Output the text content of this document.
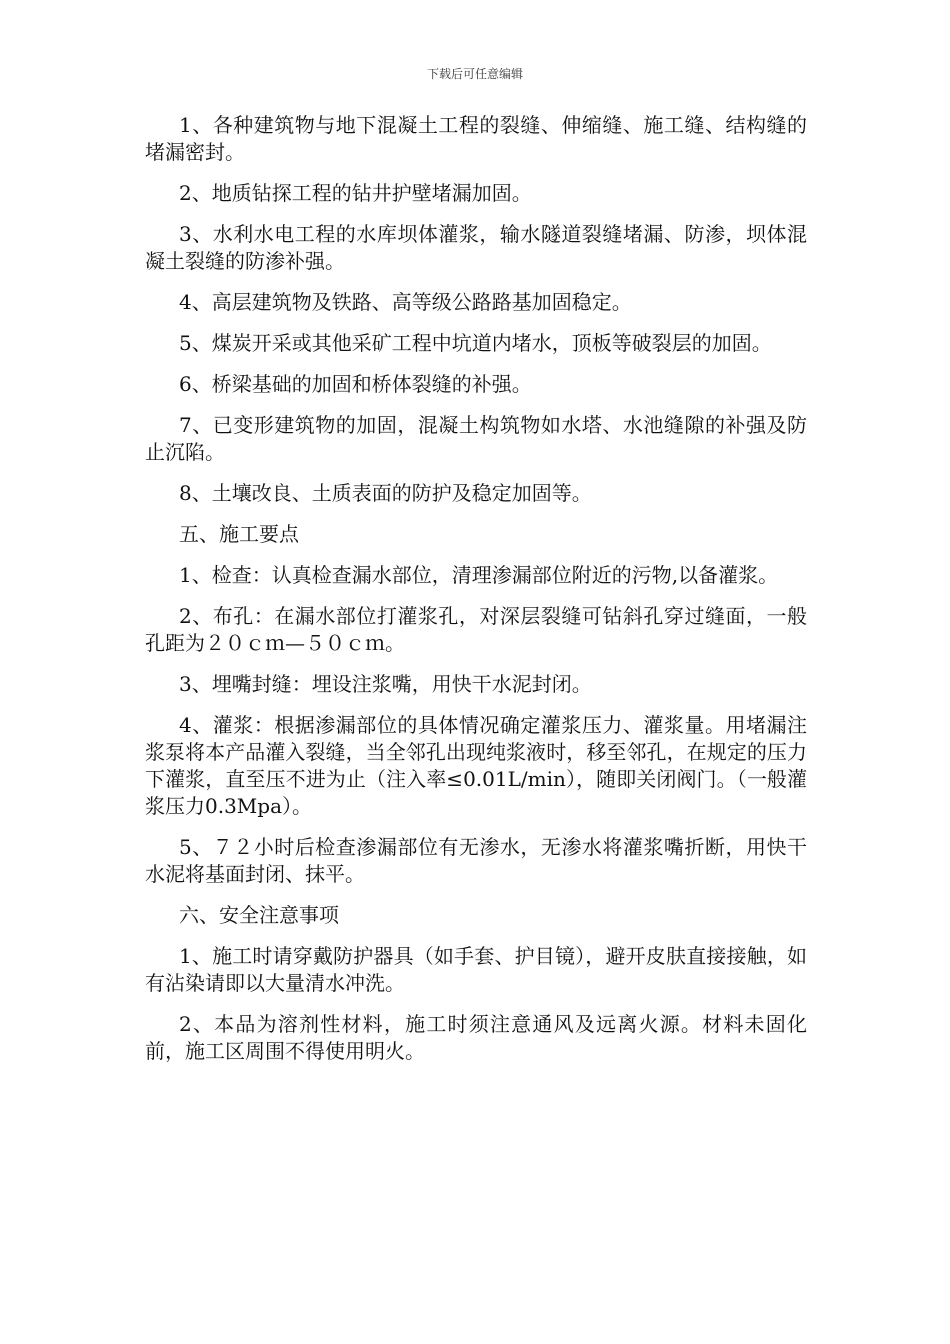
下载后可任意编辑

1、各种建筑物与地下混凝土工程的裂缝、伸缩缝、施工缝、结构缝的堵漏密封。

2、地质钻探工程的钻井护壁堵漏加固。

3、水利水电工程的水库坝体灌浆，输水隧道裂缝堵漏、防渗，坝体混凝土裂缝的防渗补强。

4、高层建筑物及铁路、高等级公路路基加固稳定。

5、煤炭开采或其他采矿工程中坑道内堵水，顶板等破裂层的加固。

6、桥梁基础的加固和桥体裂缝的补强。

7、已变形建筑物的加固，混凝土构筑物如水塔、水池缝隙的补强及防止沉陷。

8、土壤改良、土质表面的防护及稳定加固等。

五、施工要点

1、检查：认真检查漏水部位，清理渗漏部位附近的污物,以备灌浆。

2、布孔：在漏水部位打灌浆孔，对深层裂缝可钻斜孔穿过缝面，一般孔距为２０ｃｍ—５０ｃｍ。

3、埋嘴封缝：埋设注浆嘴，用快干水泥封闭。

4、灌浆：根据渗漏部位的具体情况确定灌浆压力、灌浆量。用堵漏注浆泵将本产品灌入裂缝，当全邻孔出现纯浆液时，移至邻孔，在规定的压力下灌浆，直至压不进为止（注入率≤0.01L/min），随即关闭阀门。（一般灌浆压力0.3Mpa）。

5、７２小时后检查渗漏部位有无渗水，无渗水将灌浆嘴折断，用快干水泥将基面封闭、抹平。

六、安全注意事项

1、施工时请穿戴防护器具（如手套、护目镜），避开皮肤直接接触，如有沾染请即以大量清水冲洗。

2、本品为溶剂性材料，施工时须注意通风及远离火源。材料未固化前，施工区周围不得使用明火。
